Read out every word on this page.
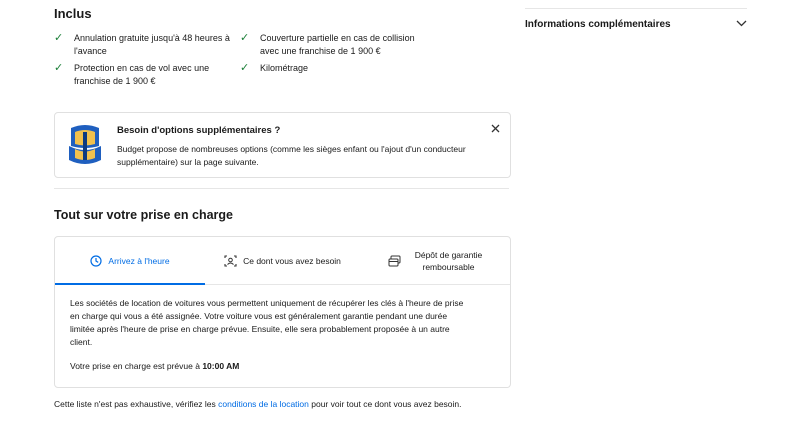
Inclus
✓	Annulation gratuite jusqu'à 48 heures à
l'avance
✓	Couverture partielle en cas de collision
avec une franchise de 1 900 €
✓	Protection en cas de vol avec une
franchise de 1 900 €
✓	Kilométrage
Informations complémentaires
Besoin d'options supplémentaires ?
Budget propose de nombreuses options (comme les sièges enfant ou l'ajout d'un conducteur
supplémentaire) sur la page suivante.
Tout sur votre prise en charge
Arrivez à l'heure	Ce dont vous avez besoin
Dépôt de garantie
remboursable
Les sociétés de location de voitures vous permettent uniquement de récupérer les clés à l'heure de prise
en charge qui vous a été assignée. Votre voiture vous est généralement garantie pendant une durée
limitée après l'heure de prise en charge prévue. Ensuite, elle sera probablement proposée à un autre
client.
Votre prise en charge est prévue à 10:00 AM
Cette liste n'est pas exhaustive, vérifiez les conditions de la location pour voir tout ce dont vous avez besoin.
